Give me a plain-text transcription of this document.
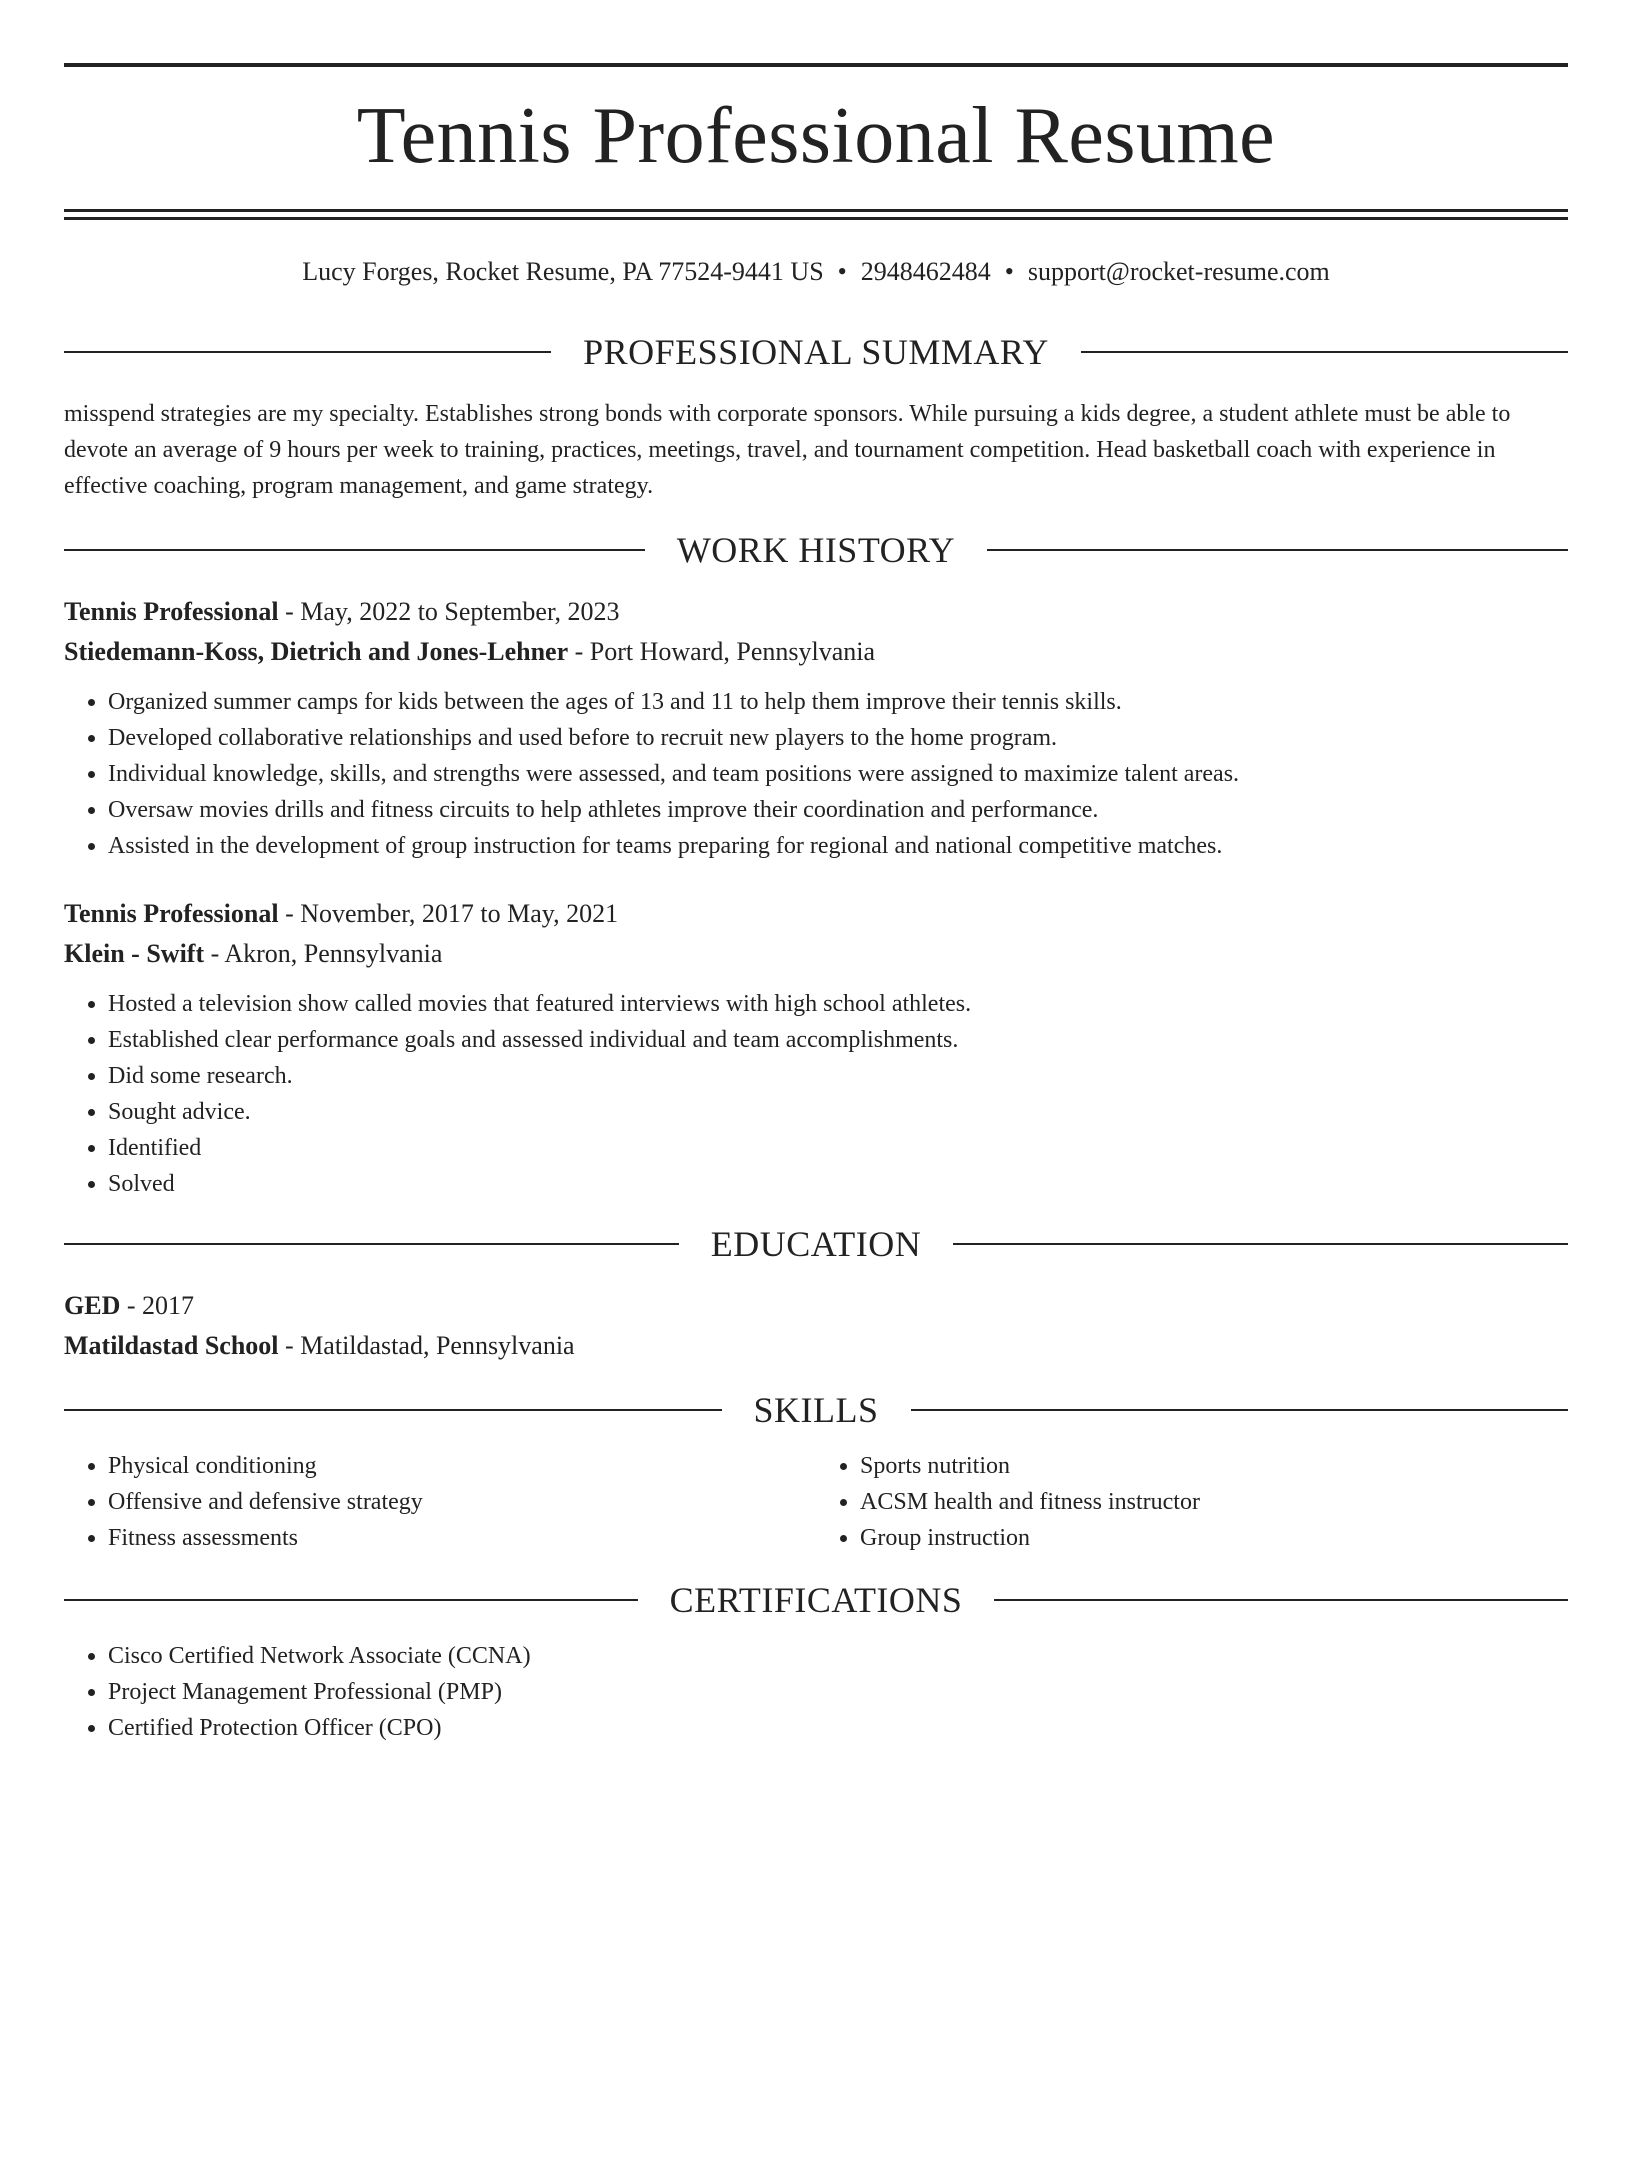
Tennis Professional Resume
Lucy Forges, Rocket Resume, PA 77524-9441 US • 2948462484 • support@rocket-resume.com
PROFESSIONAL SUMMARY

misspend strategies are my specialty. Establishes strong bonds with corporate sponsors. While pursuing a kids degree, a student athlete must be able to devote an average of 9 hours per week to training, practices, meetings, travel, and tournament competition. Head basketball coach with experience in effective coaching, program management, and game strategy.

WORK HISTORY
Tennis Professional - May, 2022 to September, 2023
Stiedemann-Koss, Dietrich and Jones-Lehner - Port Howard, Pennsylvania
• Organized summer camps for kids between the ages of 13 and 11 to help them improve their tennis skills.
• Developed collaborative relationships and used before to recruit new players to the home program.
• Individual knowledge, skills, and strengths were assessed, and team positions were assigned to maximize talent areas.
• Oversaw movies drills and fitness circuits to help athletes improve their coordination and performance.
• Assisted in the development of group instruction for teams preparing for regional and national competitive matches.
Tennis Professional - November, 2017 to May, 2021
Klein - Swift - Akron, Pennsylvania
• Hosted a television show called movies that featured interviews with high school athletes.
• Established clear performance goals and assessed individual and team accomplishments.
• Did some research.
• Sought advice.
• Identified
• Solved
EDUCATION
GED - 2017
Matildastad School - Matildastad, Pennsylvania
SKILLS
• Physical conditioning
• Offensive and defensive strategy
• Fitness assessments
• Sports nutrition
• ACSM health and fitness instructor
• Group instruction
CERTIFICATIONS
• Cisco Certified Network Associate (CCNA)
• Project Management Professional (PMP)
• Certified Protection Officer (CPO)
